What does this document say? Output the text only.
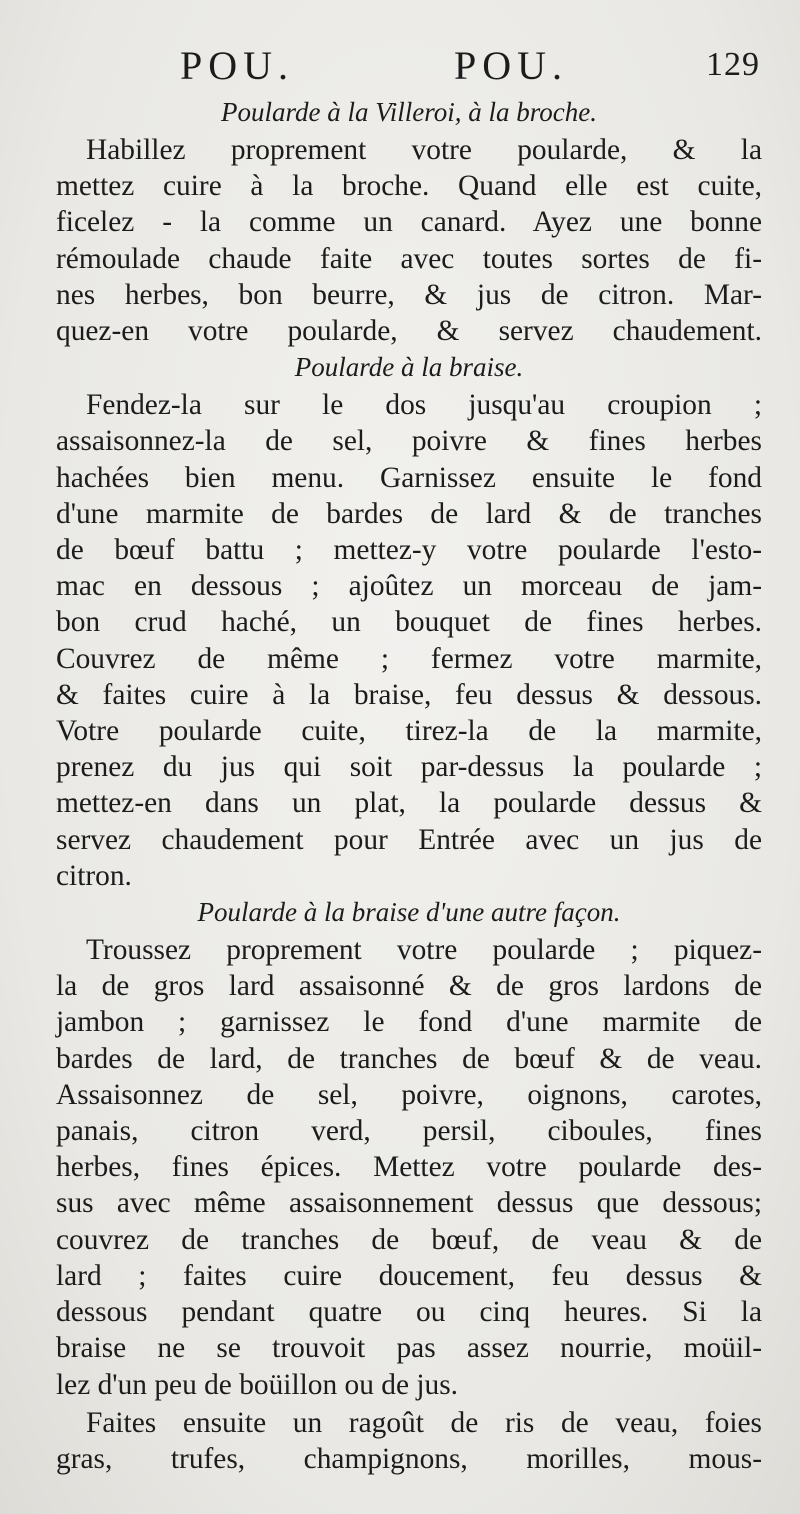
POU.	POU.	129
Poularde à la Villeroi, à la broche.
Habillez proprement votre poularde, & la
mettez cuire à la broche. Quand elle est cuite,
ficelez - la comme un canard. Ayez une bonne
rémoulade chaude faite avec toutes sortes de fi-
nes herbes, bon beurre, & jus de citron. Mar-
quez-en votre poularde, & servez chaudement.
Poularde à la braise.
Fendez-la sur le dos jusqu'au croupion ;
assaisonnez-la de sel, poivre & fines herbes
hachées bien menu. Garnissez ensuite le fond
d'une marmite de bardes de lard & de tranches
de bœuf battu ; mettez-y votre poularde l'esto-
mac en dessous ; ajoûtez un morceau de jam-
bon crud haché, un bouquet de fines herbes.
Couvrez de même ; fermez votre marmite,
& faites cuire à la braise, feu dessus & dessous.
Votre poularde cuite, tirez-la de la marmite,
prenez du jus qui soit par-dessus la poularde ;
mettez-en dans un plat, la poularde dessus &
servez chaudement pour Entrée avec un jus de
citron.
Poularde à la braise d'une autre façon.
Troussez proprement votre poularde ; piquez-
la de gros lard assaisonné & de gros lardons de
jambon ; garnissez le fond d'une marmite de
bardes de lard, de tranches de bœuf & de veau.
Assaisonnez de sel, poivre, oignons, carotes,
panais, citron verd, persil, ciboules, fines
herbes, fines épices. Mettez votre poularde des-
sus avec même assaisonnement dessus que dessous;
couvrez de tranches de bœuf, de veau & de
lard ; faites cuire doucement, feu dessus &
dessous pendant quatre ou cinq heures. Si la
braise ne se trouvoit pas assez nourrie, moüil-
lez d'un peu de boüillon ou de jus.
Faites ensuite un ragoût de ris de veau, foies
gras, trufes, champignons, morilles, mous-
